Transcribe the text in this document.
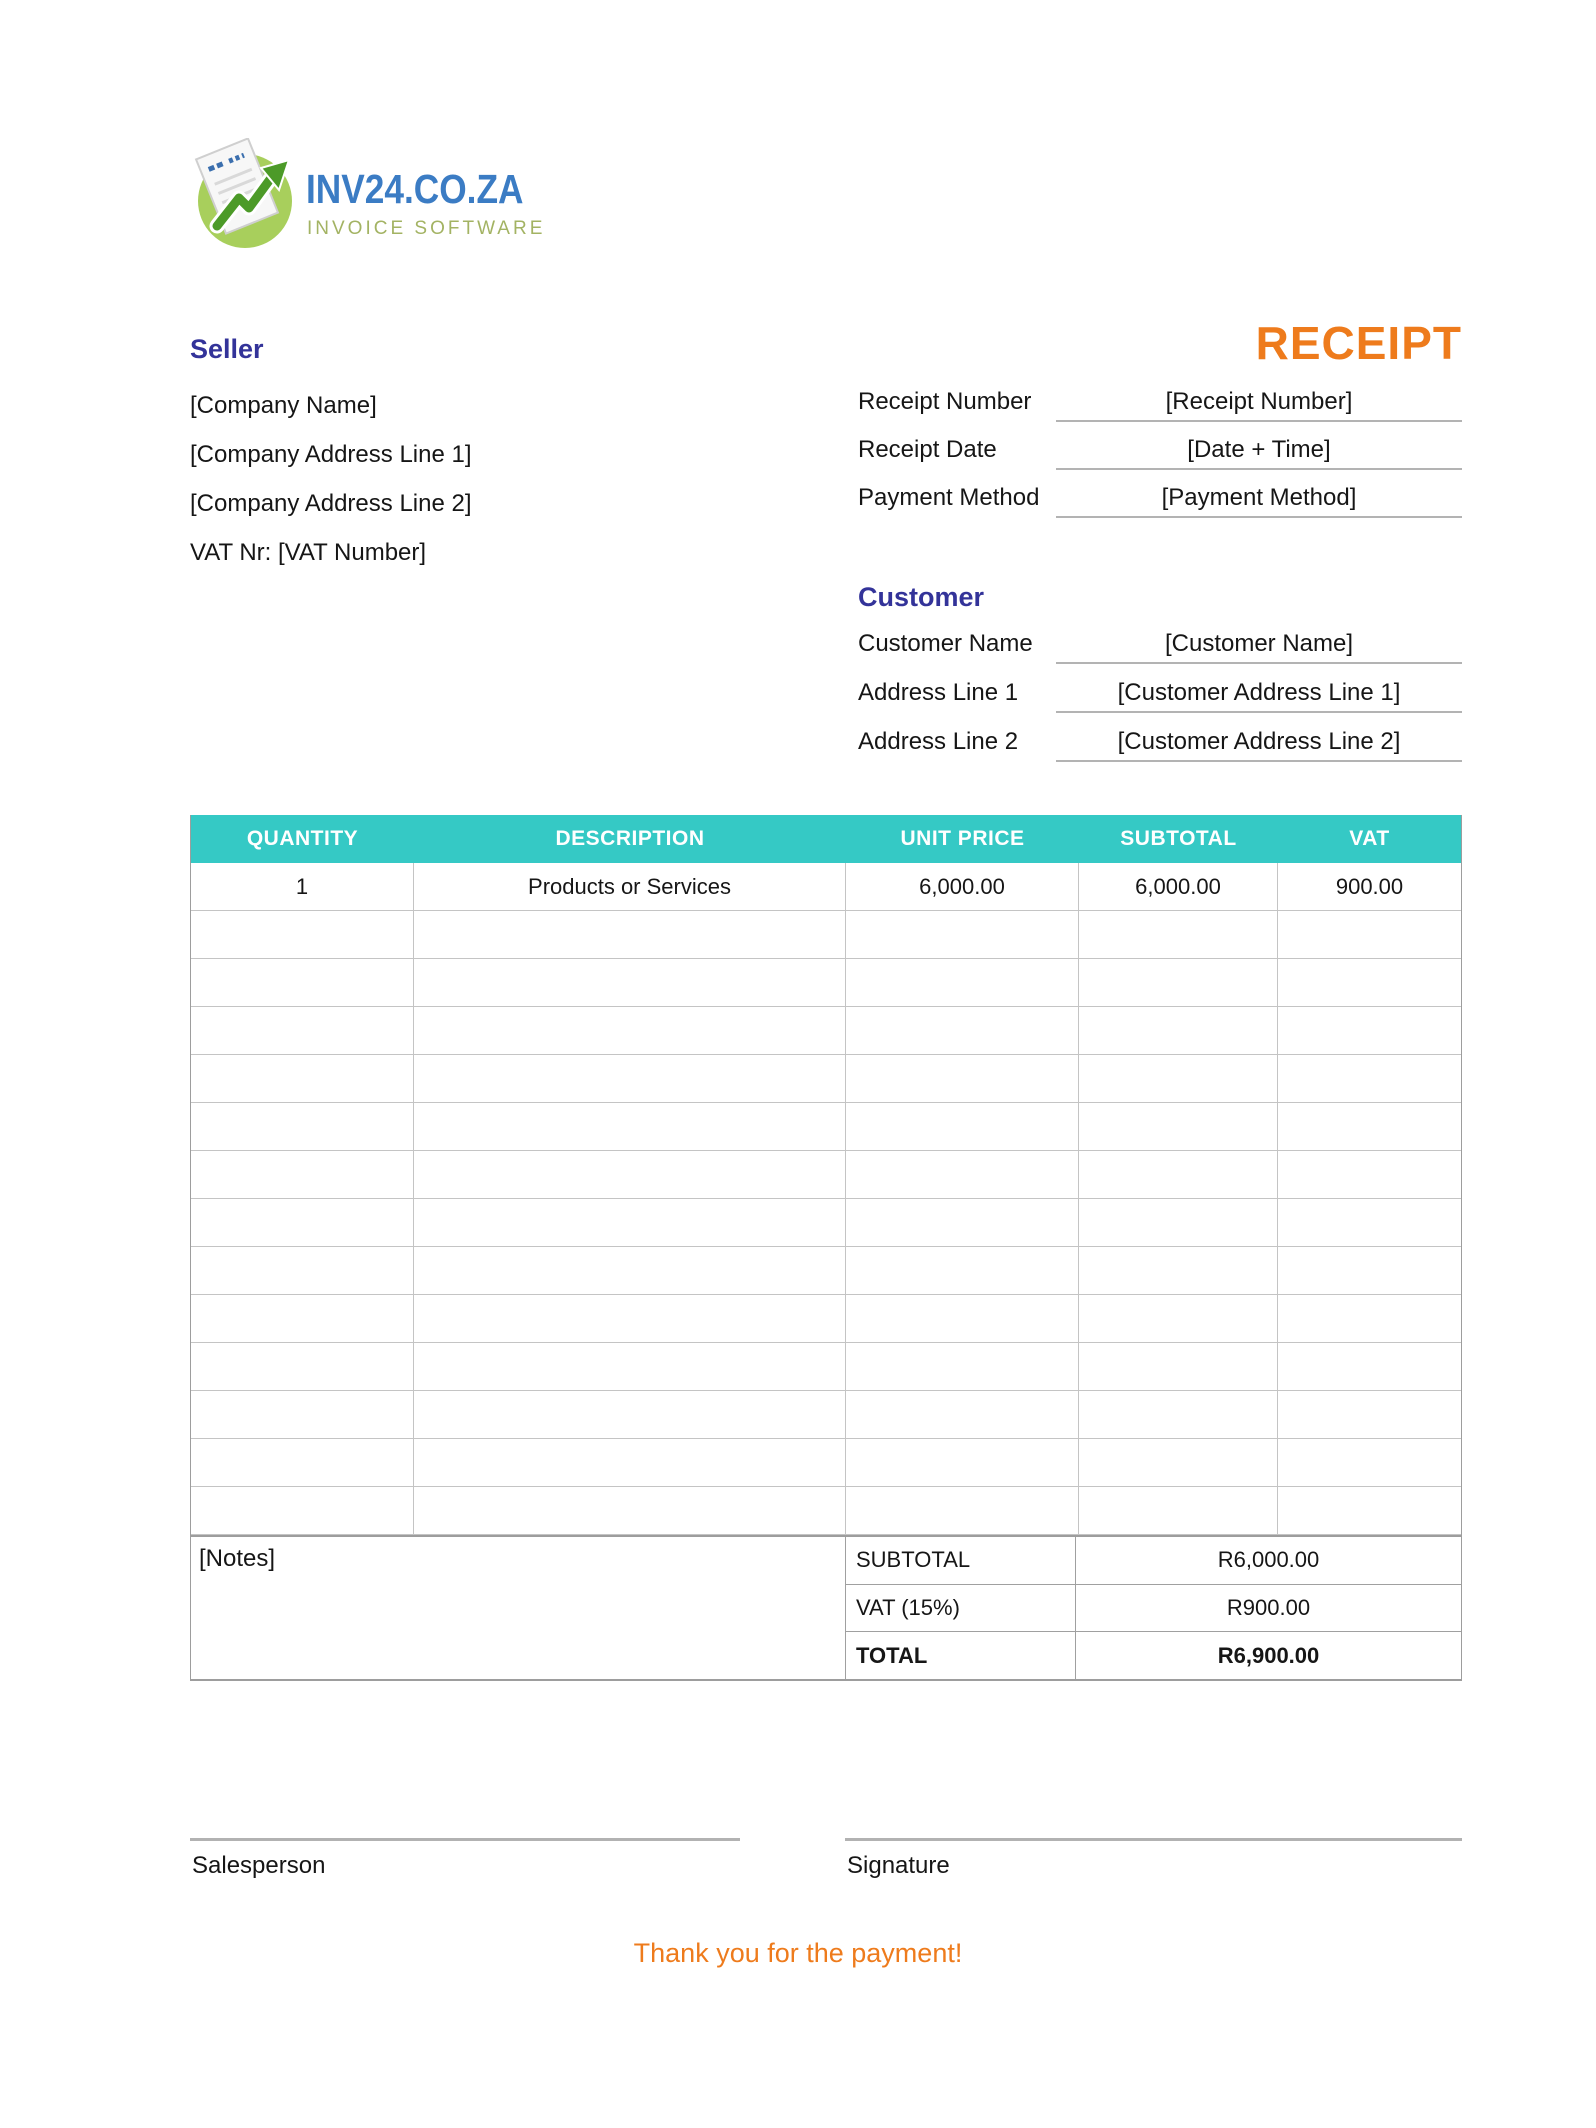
INV24.CO.ZA
INVOICE SOFTWARE
Seller
[Company Name]
[Company Address Line 1]
[Company Address Line 2]
VAT Nr: [VAT Number]
RECEIPT
Receipt Number	[Receipt Number]
Receipt Date	[Date + Time]
Payment Method	[Payment Method]
Customer
Customer Name	[Customer Name]
Address Line 1	[Customer Address Line 1]
Address Line 2	[Customer Address Line 2]
QUANTITY	DESCRIPTION	UNIT PRICE	SUBTOTAL	VAT
1	Products or Services	6,000.00	6,000.00	900.00
[Notes]	SUBTOTAL	R6,000.00
VAT (15%)	R900.00
TOTAL	R6,900.00
Salesperson	Signature
Thank you for the payment!
